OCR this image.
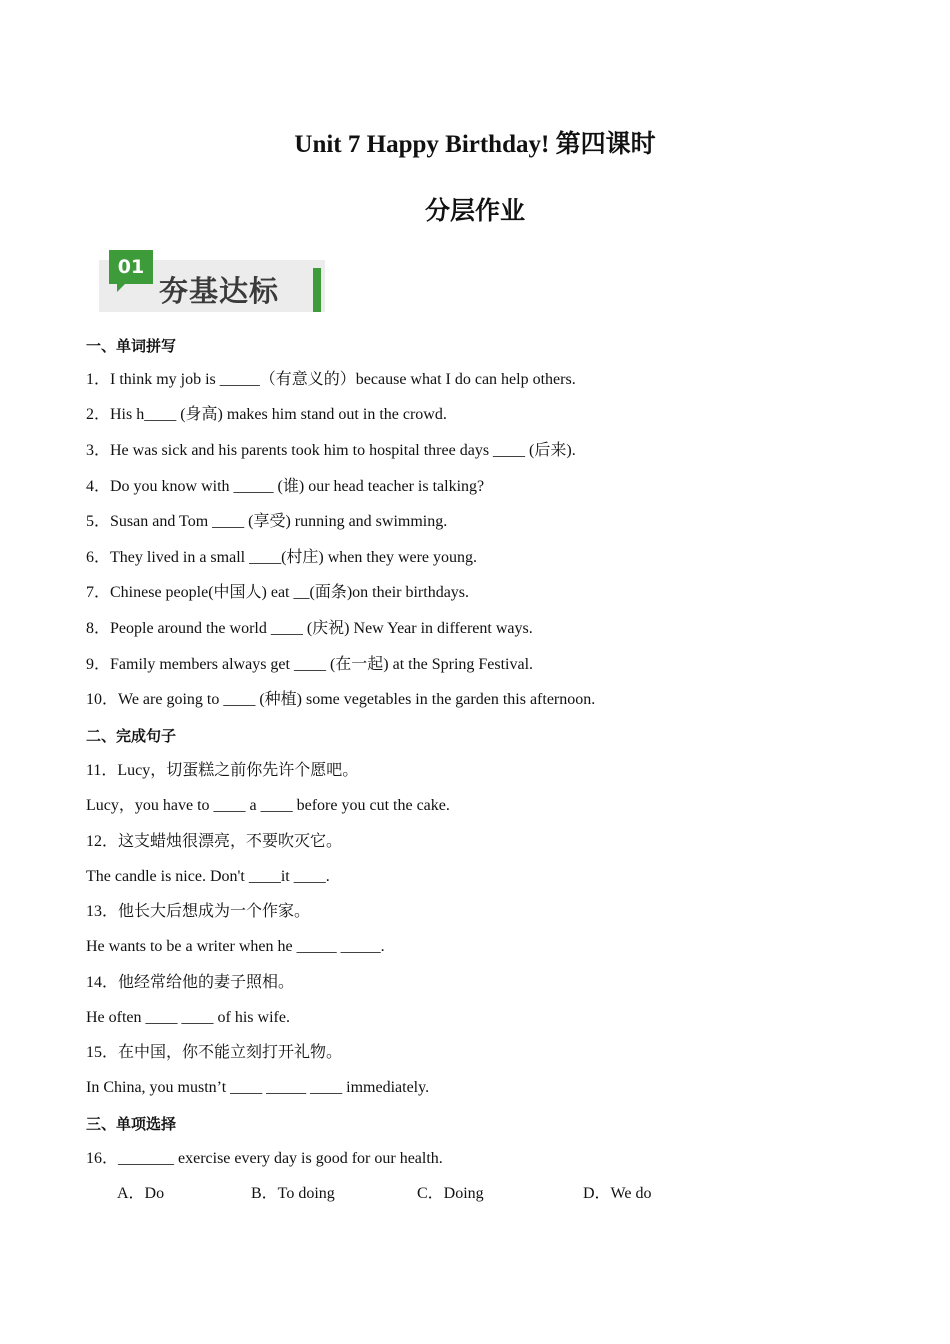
Unit 7 Happy Birthday! 第四课时
分层作业
01
夯基达标
一、单词拼写
1．I think my job is _____（有意义的）because what I do can help others.
2．His h____ (身高) makes him stand out in the crowd.
3．He was sick and his parents took him to hospital three days ____ (后来).
4．Do you know with _____ (谁) our head teacher is talking?
5．Susan and Tom ____ (享受) running and swimming.
6．They lived in a small ____(村庄) when they were young.
7．Chinese people(中国人) eat __(面条)on their birthdays.
8．People around the world ____ (庆祝) New Year in different ways.
9．Family members always get ____ (在一起) at the Spring Festival.
10．We are going to ____ (种植) some vegetables in the garden this afternoon.
二、完成句子
11．Lucy，切蛋糕之前你先许个愿吧。
Lucy，you have to ____ a ____ before you cut the cake.
12．这支蜡烛很漂亮，不要吹灭它。
The candle is nice. Don't ____it ____.
13．他长大后想成为一个作家。
He wants to be a writer when he _____ _____.
14．他经常给他的妻子照相。
He often ____ ____ of his wife.
15．在中国，你不能立刻打开礼物。
In China, you mustn’t ____ _____ ____ immediately.
三、单项选择
16．_______ exercise every day is good for our health.
A．Do	B．To doing	C．Doing	D．We do
